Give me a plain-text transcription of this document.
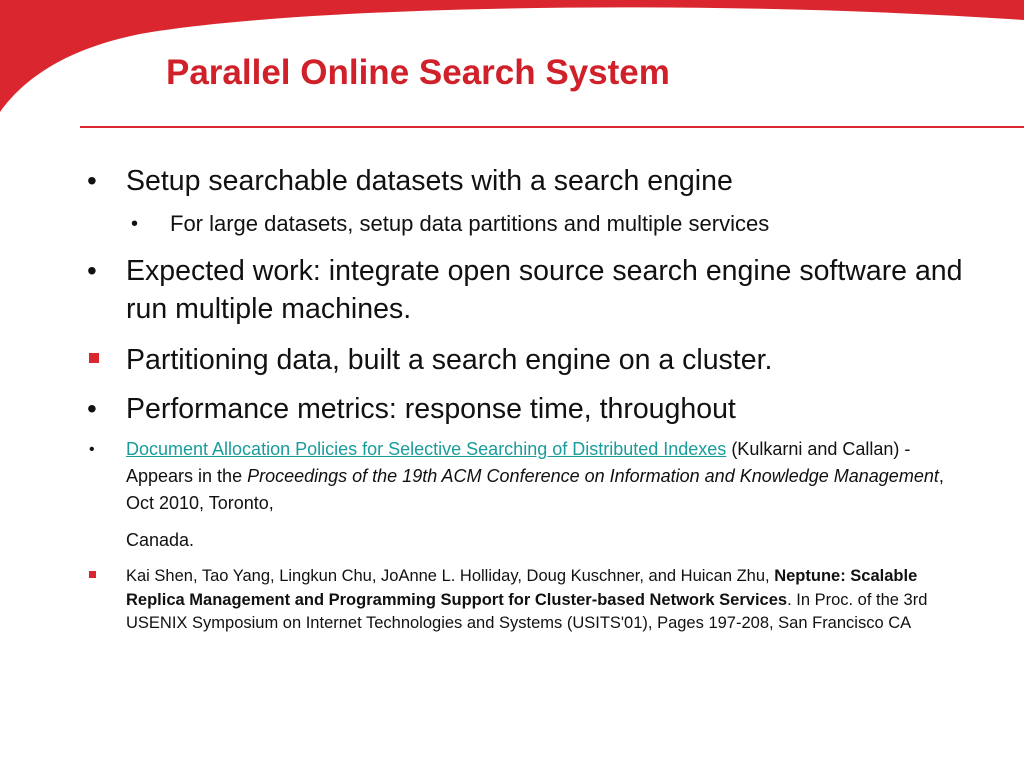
Parallel Online Search System
• Setup searchable datasets with a search engine
• For large datasets, setup data partitions and multiple services
• Expected work: integrate open source search engine software and run multiple machines.
Partitioning data, built a search engine on a cluster.
• Performance metrics: response time, throughout
• Document Allocation Policies for Selective Searching of Distributed Indexes (Kulkarni and Callan) - Appears in the Proceedings of the 19th ACM Conference on Information and Knowledge Management, Oct 2010, Toronto,
Canada.
Kai Shen, Tao Yang, Lingkun Chu, JoAnne L. Holliday, Doug Kuschner, and Huican Zhu, Neptune: Scalable Replica Management and Programming Support for Cluster-based Network Services. In Proc. of the 3rd USENIX Symposium on Internet Technologies and Systems (USITS'01), Pages 197-208, San Francisco CA
